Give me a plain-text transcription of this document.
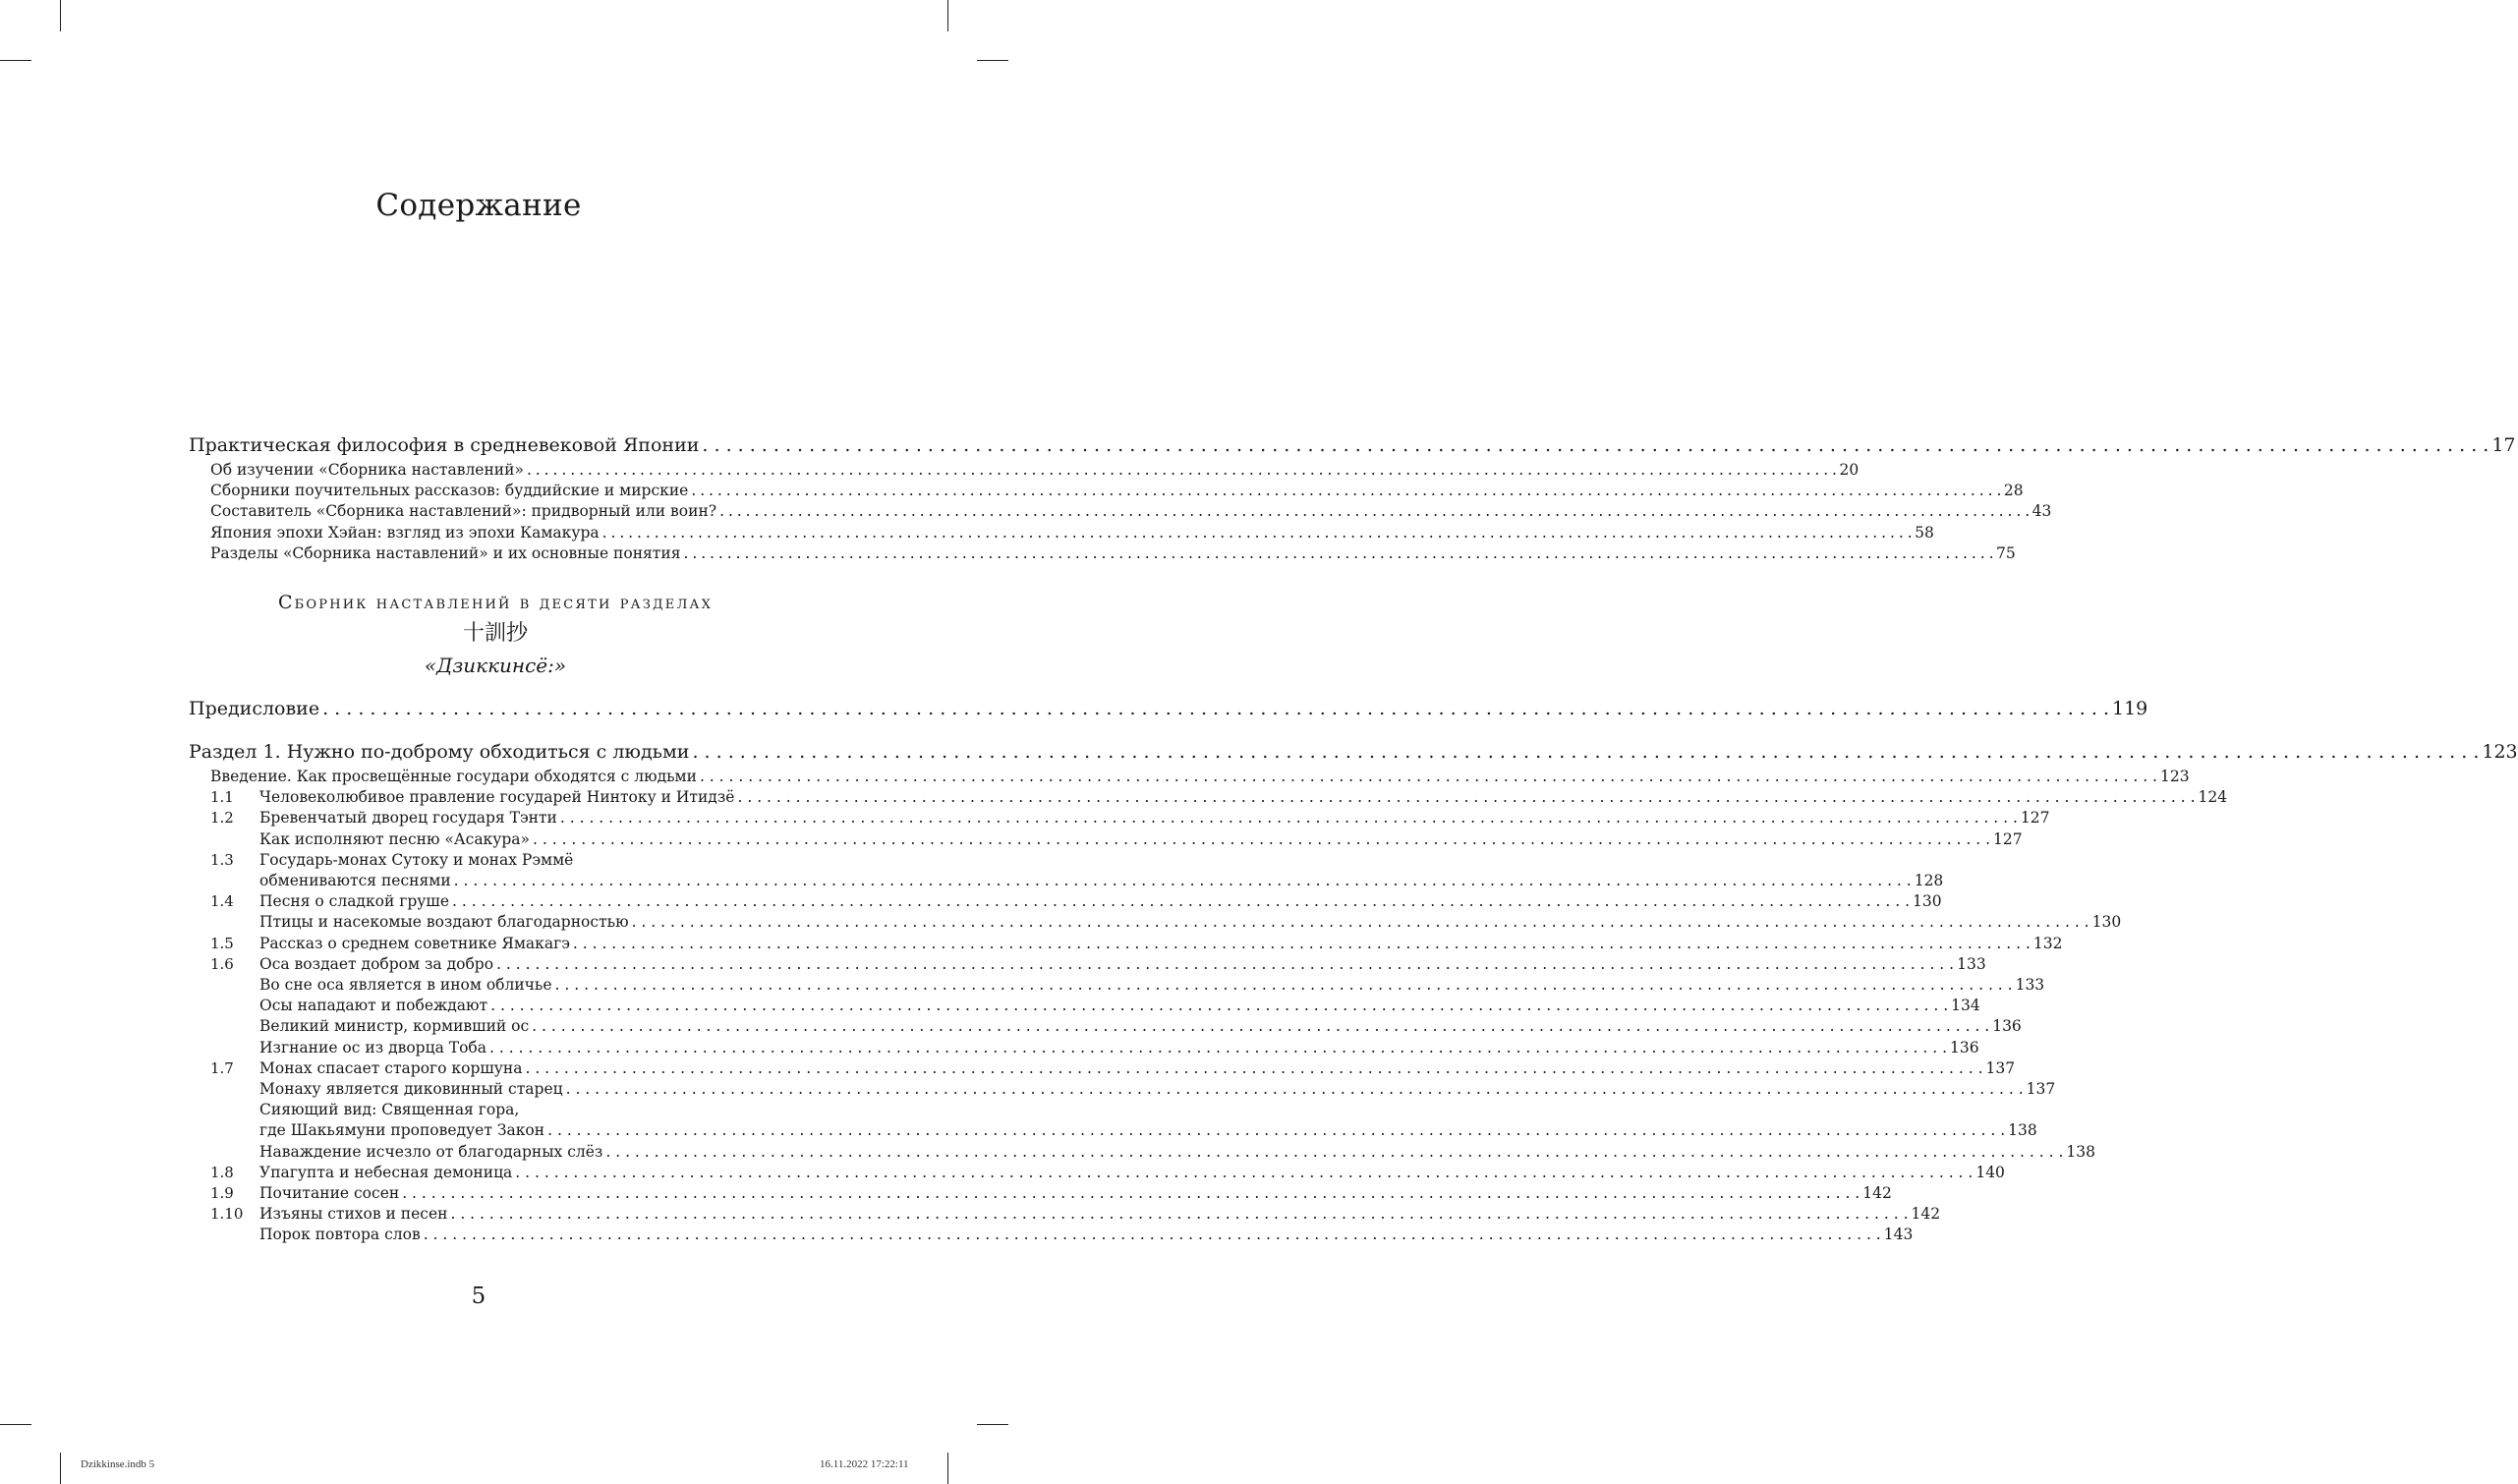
Содержание
Практическая философия в средневековой Японии . . .	17
Об изучении «Сборника наставлений» . . .	20
Сборники поучительных рассказов: буддийские и мирские . . .	28
Составитель «Сборника наставлений»: придворный или воин? . . .	43
Япония эпохи Хэйан: взгляд из эпохи Камакура . . .	58
Разделы «Сборника наставлений» и их основные понятия . . .	75
Сборник наставлений в десяти разделах
十訓抄
«Дзиккинсё:»
Предисловие . . .	119
Раздел 1. Нужно по-доброму обходиться с людьми . . .	123
Введение. Как просвещённые государи обходятся с людьми . . .	123
1.1	Человеколюбивое правление государей Нинтоку и Итидзё . . .	124
1.2	Бревенчатый дворец государя Тэнти . . .	127
Как исполняют песню «Асакура» . . .	127
1.3	Государь-монах Сутоку и монах Рэммё
обмениваются песнями . . .	128
1.4	Песня о сладкой груше . . .	130
Птицы и насекомые воздают благодарностью . . .	130
1.5	Рассказ о среднем советнике Ямакагэ . . .	132
1.6	Оса воздает добром за добро . . .	133
Во сне оса является в ином обличье . . .	133
Осы нападают и побеждают . . .	134
Великий министр, кормивший ос . . .	136
Изгнание ос из дворца Тоба . . .	136
1.7	Монах спасает старого коршуна . . .	137
Монаху является диковинный старец . . .	137
Сияющий вид: Священная гора,
где Шакьямуни проповедует Закон . . .	138
Наваждение исчезло от благодарных слёз . . .	138
1.8	Упагупта и небесная демоница . . .	140
1.9	Почитание сосен . . .	142
1.10	Изъяны стихов и песен . . .	142
Порок повтора слов . . .	143
5
Dzikkinse.indb 5	16.11.2022 17:22:11
